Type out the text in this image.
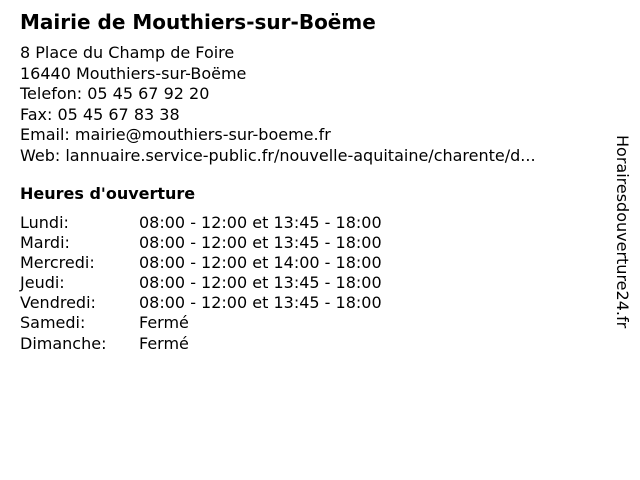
Mairie de Mouthiers-sur-Boëme
8 Place du Champ de Foire
16440 Mouthiers-sur-Boëme
Telefon: 05 45 67 92 20
Fax: 05 45 67 83 38
Email: mairie@mouthiers-sur-boeme.fr
Web: lannuaire.service-public.fr/nouvelle-aquitaine/charente/d...
Heures d'ouverture
Lundi:	08:00 - 12:00 et 13:45 - 18:00
Mardi:	08:00 - 12:00 et 13:45 - 18:00
Mercredi:	08:00 - 12:00 et 14:00 - 18:00
Jeudi:	08:00 - 12:00 et 13:45 - 18:00
Vendredi:	08:00 - 12:00 et 13:45 - 18:00
Samedi:	Fermé
Dimanche: Fermé
Horairesdouverture24.fr
